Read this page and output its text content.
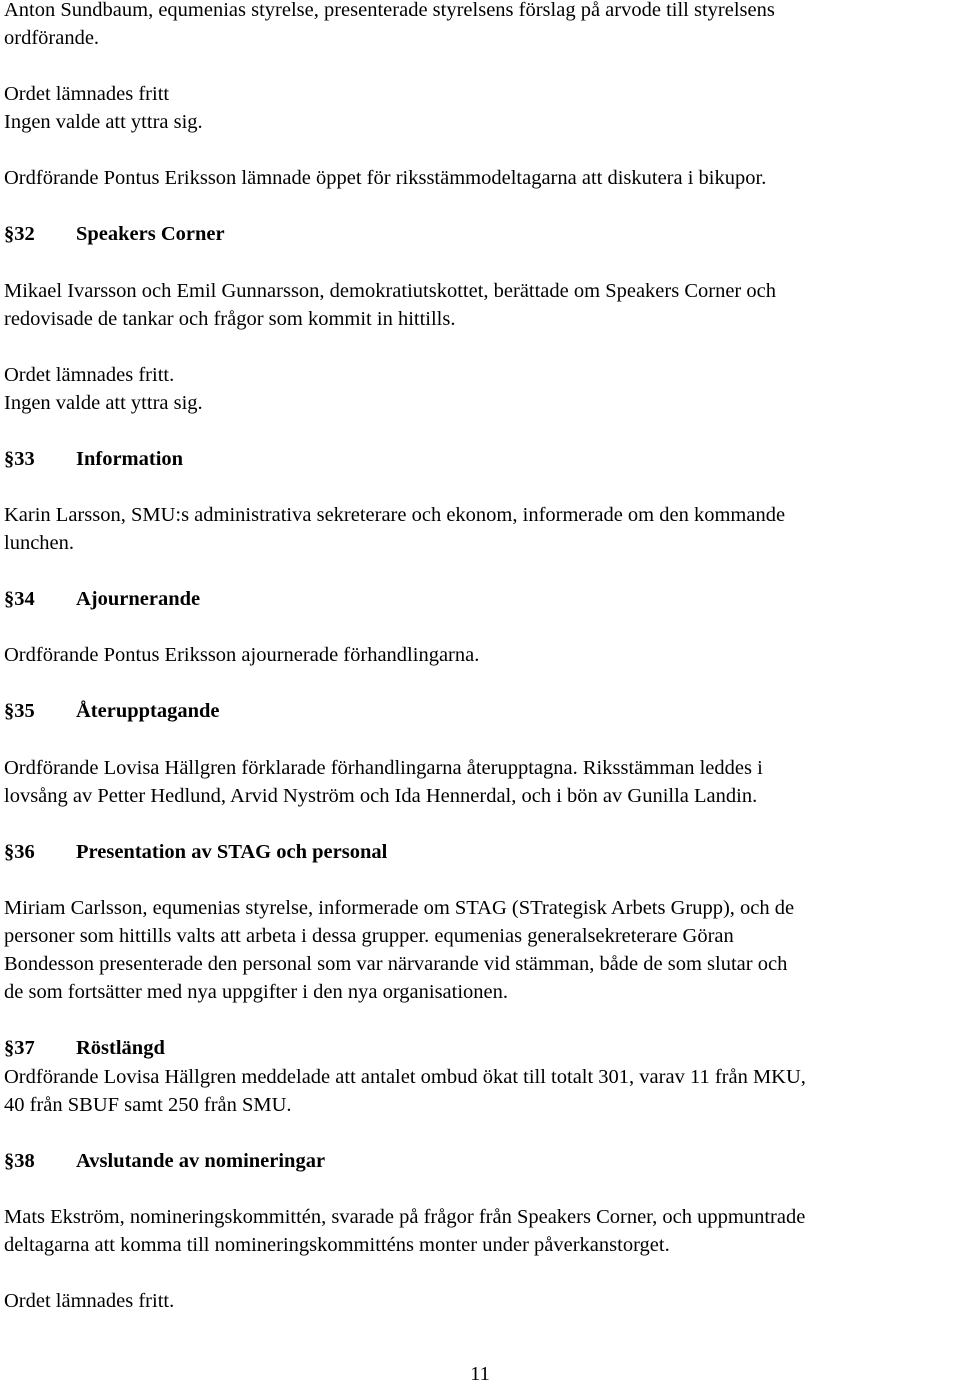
Anton Sundbaum, equmenias styrelse, presenterade styrelsens förslag på arvode till styrelsens
ordförande.
Ordet lämnades fritt
Ingen valde att yttra sig.
Ordförande Pontus Eriksson lämnade öppet för riksstämmodeltagarna att diskutera i bikupor.
§32 Speakers Corner
Mikael Ivarsson och Emil Gunnarsson, demokratiutskottet, berättade om Speakers Corner och
redovisade de tankar och frågor som kommit in hittills.
Ordet lämnades fritt.
Ingen valde att yttra sig.
§33 Information
Karin Larsson, SMU:s administrativa sekreterare och ekonom, informerade om den kommande
lunchen.
§34 Ajournerande
Ordförande Pontus Eriksson ajournerade förhandlingarna.
§35 Återupptagande
Ordförande Lovisa Hällgren förklarade förhandlingarna återupptagna. Riksstämman leddes i
lovsång av Petter Hedlund, Arvid Nyström och Ida Hennerdal, och i bön av Gunilla Landin.
§36 Presentation av STAG och personal
Miriam Carlsson, equmenias styrelse, informerade om STAG (STrategisk Arbets Grupp), och de
personer som hittills valts att arbeta i dessa grupper. equmenias generalsekreterare Göran
Bondesson presenterade den personal som var närvarande vid stämman, både de som slutar och
de som fortsätter med nya uppgifter i den nya organisationen.
§37 Röstlängd
Ordförande Lovisa Hällgren meddelade att antalet ombud ökat till totalt 301, varav 11 från MKU,
40 från SBUF samt 250 från SMU.
§38 Avslutande av nomineringar
Mats Ekström, nomineringskommittén, svarade på frågor från Speakers Corner, och uppmuntrade
deltagarna att komma till nomineringskommitténs monter under påverkanstorget.
Ordet lämnades fritt.
11
